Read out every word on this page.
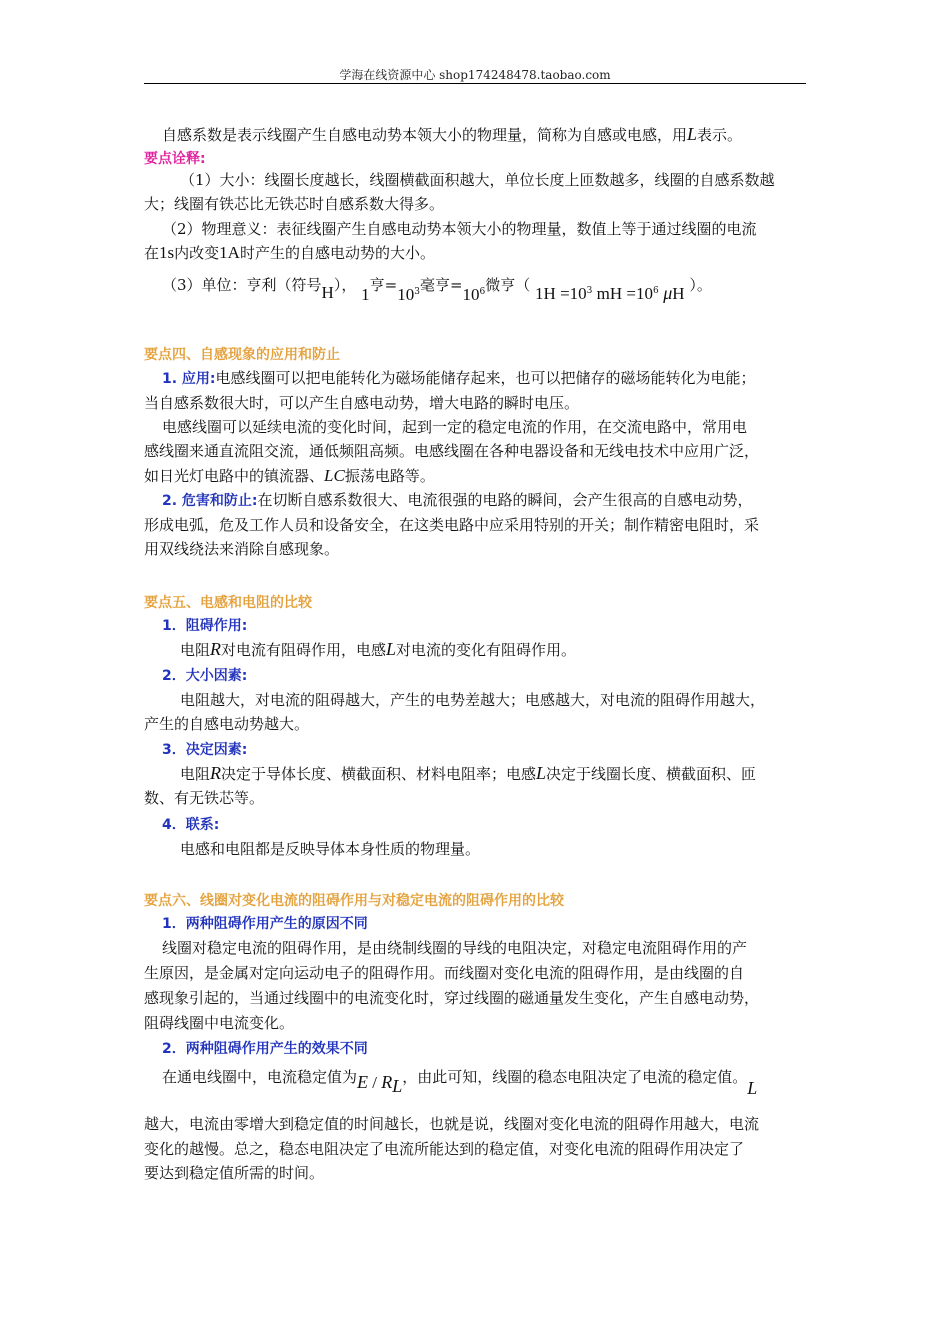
学海在线资源中心 shop174248478.taobao.com
自感系数是表示线圈产生自感电动势本领大小的物理量，简称为自感或电感，用L表示。
要点诠释:
（1）大小：线圈长度越长，线圈横截面积越大，单位长度上匝数越多，线圈的自感系数越
大；线圈有铁芯比无铁芯时自感系数大得多。
（2）物理意义：表征线圈产生自感电动势本领大小的物理量，数值上等于通过线圈的电流
在1s内改变1A时产生的自感电动势的大小。
（3）单位：亨利（符号H）， 1亨$=10^3$毫亨$=10^6$微亨（ $1H =10^3$ mH $=10^6$ μH ）。
要点四、自感现象的应用和防止
1. 应用:电感线圈可以把电能转化为磁场能储存起来，也可以把储存的磁场能转化为电能；
当自感系数很大时，可以产生自感电动势，增大电路的瞬时电压。
电感线圈可以延续电流的变化时间，起到一定的稳定电流的作用，在交流电路中，常用电
感线圈来通直流阻交流，通低频阻高频。电感线圈在各种电器设备和无线电技术中应用广泛，
如日光灯电路中的镇流器、LC振荡电路等。
2. 危害和防止:在切断自感系数很大、电流很强的电路的瞬间，会产生很高的自感电动势，
形成电弧，危及工作人员和设备安全，在这类电路中应采用特别的开关；制作精密电阻时，采
用双线绕法来消除自感现象。
要点五、电感和电阻的比较
1．阻碍作用:
电阻R对电流有阻碍作用，电感L对电流的变化有阻碍作用。
2．大小因素:
电阻越大，对电流的阻碍越大，产生的电势差越大；电感越大，对电流的阻碍作用越大，
产生的自感电动势越大。
3．决定因素:
电阻R决定于导体长度、横截面积、材料电阻率；电感L决定于线圈长度、横截面积、匝
数、有无铁芯等。
4．联系:
电感和电阻都是反映导体本身性质的物理量。
要点六、线圈对变化电流的阻碍作用与对稳定电流的阻碍作用的比较
1．两种阻碍作用产生的原因不同
线圈对稳定电流的阻碍作用，是由绕制线圈的导线的电阻决定，对稳定电流阻碍作用的产
生原因，是金属对定向运动电子的阻碍作用。而线圈对变化电流的阻碍作用，是由线圈的自
感现象引起的，当通过线圈中的电流变化时，穿过线圈的磁通量发生变化，产生自感电动势，
阻碍线圈中电流变化。
2．两种阻碍作用产生的效果不同
在通电线圈中，电流稳定值为E / $R_L$，由此可知，线圈的稳态电阻决定了电流的稳定值。L
越大，电流由零增大到稳定值的时间越长，也就是说，线圈对变化电流的阻碍作用越大，电流
变化的越慢。总之，稳态电阻决定了电流所能达到的稳定值，对变化电流的阻碍作用决定了
要达到稳定值所需的时间。
